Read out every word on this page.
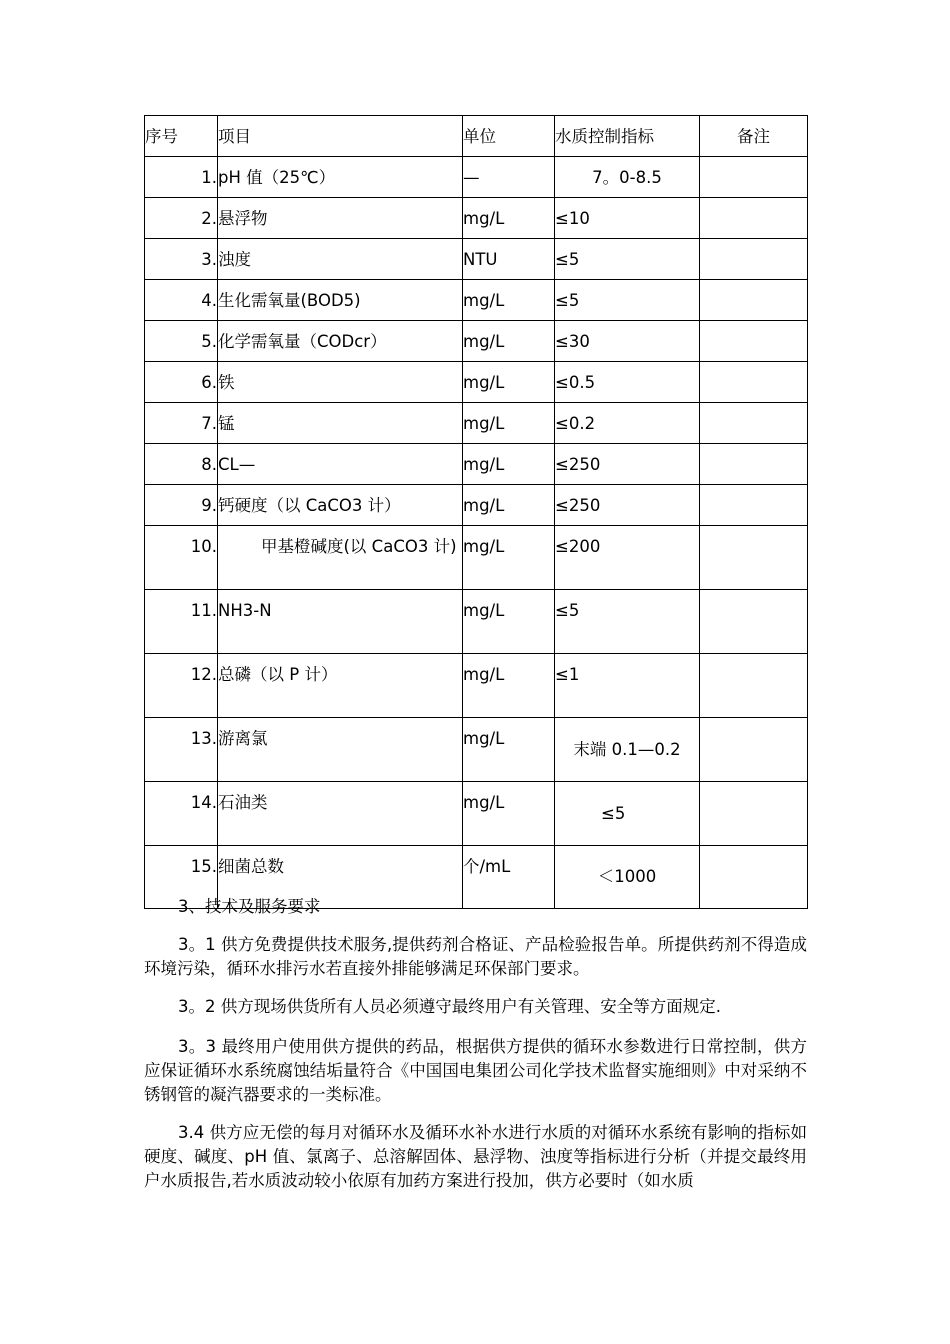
序号	项目	单位	水质控制指标	备注
1.	pH 值（25℃）	—	7。0-8.5	
2.	悬浮物	mg/L	≤10	
3.	浊度	NTU	≤5	
4.	生化需氧量(BOD5)	mg/L	≤5	
5.	化学需氧量（CODcr）	mg/L	≤30	
6.	铁	mg/L	≤0.5	
7.	锰	mg/L	≤0.2	
8.	CL—	mg/L	≤250	
9.	钙硬度（以 CaCO3 计）	mg/L	≤250	
10.	甲基橙碱度(以 CaCO3 计)	mg/L	≤200	
11.	NH3-N	mg/L	≤5	
12.	总磷（以 P 计）	mg/L	≤1	
13.	游离氯	mg/L	末端 0.1—0.2	
14.	石油类	mg/L	≤5	
15.	细菌总数	个/mL	＜1000	

3、技术及服务要求

3。1 供方免费提供技术服务,提供药剂合格证、产品检验报告单。所提供药剂不得造成环境污染，循环水排污水若直接外排能够满足环保部门要求。

3。2 供方现场供货所有人员必须遵守最终用户有关管理、安全等方面规定.

3。3 最终用户使用供方提供的药品，根据供方提供的循环水参数进行日常控制，供方应保证循环水系统腐蚀结垢量符合《中国国电集团公司化学技术监督实施细则》中对采纳不锈钢管的凝汽器要求的一类标准。

3.4 供方应无偿的每月对循环水及循环水补水进行水质的对循环水系统有影响的指标如硬度、碱度、pH 值、氯离子、总溶解固体、悬浮物、浊度等指标进行分析（并提交最终用户水质报告,若水质波动较小依原有加药方案进行投加，供方必要时（如水质
